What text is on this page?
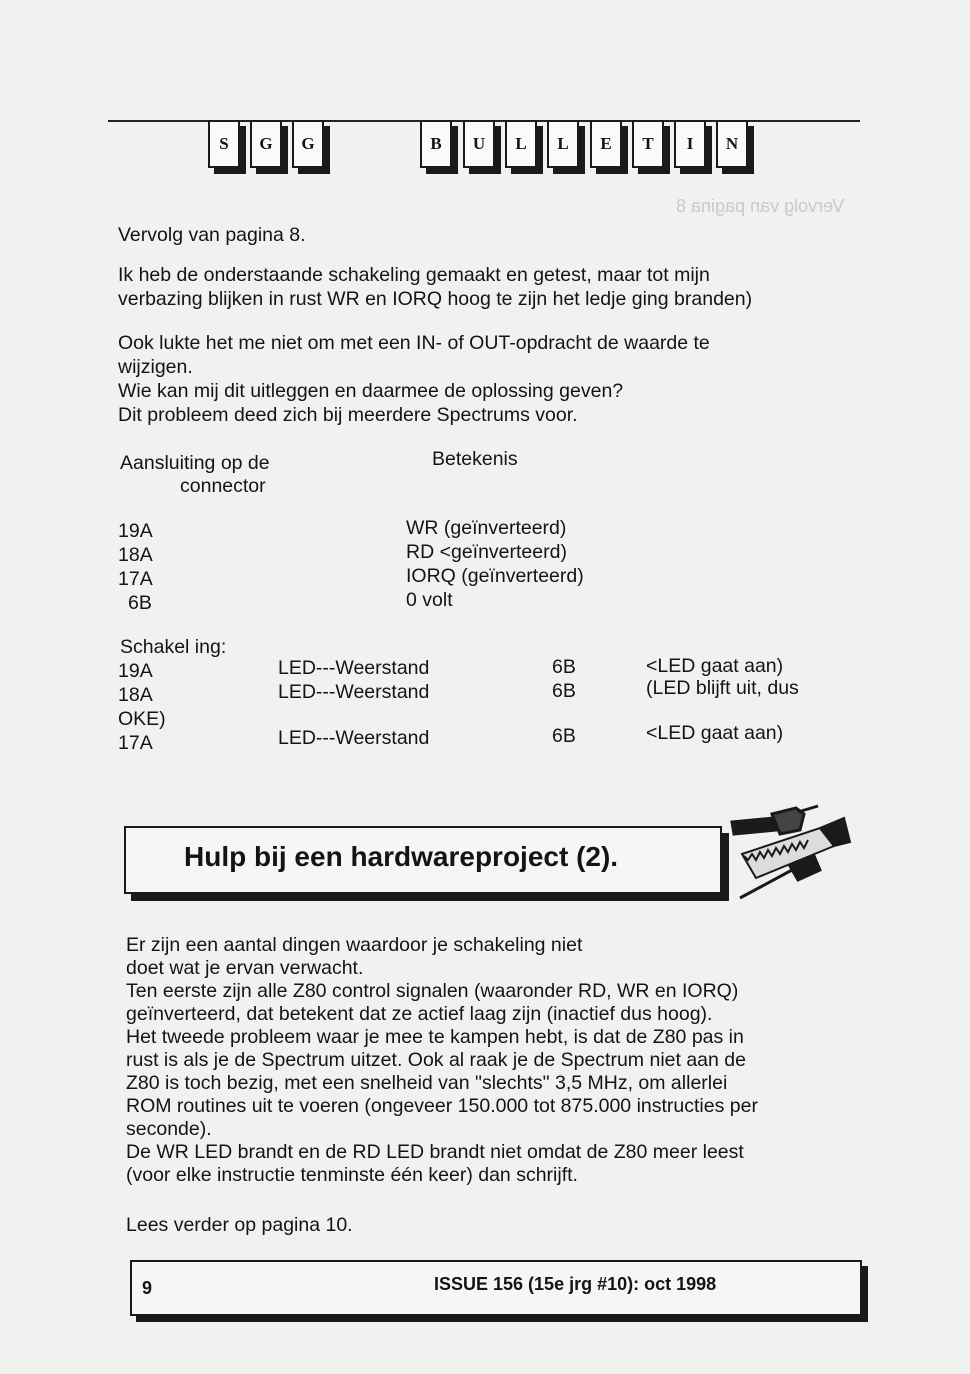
Vervolg van pagina 8
S	G	G	B	U	L	L	E	T	I	N
Vervolg van pagina 8.
Ik heb de onderstaande schakeling gemaakt en getest, maar tot mijn
verbazing blijken in rust WR en IORQ hoog te zijn het ledje ging branden)
Ook lukte het me niet om met een IN- of OUT-opdracht de waarde te
wijzigen.
Wie kan mij dit uitleggen en daarmee de oplossing geven?
Dit probleem deed zich bij meerdere Spectrums voor.
Aansluiting op de
connector
Betekenis
19A	WR (geïnverteerd)
18A	RD <geïnverteerd)
17A	IORQ (geïnverteerd)
6B	0 volt
Schakel ing:
19A	LED---Weerstand	6B	<LED gaat aan)
18A	LED---Weerstand	6B	(LED blijft uit, dus
OKE)
17A	LED---Weerstand	6B	<LED gaat aan)
Hulp bij een hardwareproject (2).
Er zijn een aantal dingen waardoor je schakeling niet
doet wat je ervan verwacht.
Ten eerste zijn alle Z80 control signalen (waaronder RD, WR en IORQ)
geïnverteerd, dat betekent dat ze actief laag zijn (inactief dus hoog).
Het tweede probleem waar je mee te kampen hebt, is dat de Z80 pas in
rust is als je de Spectrum uitzet. Ook al raak je de Spectrum niet aan de
Z80 is toch bezig, met een snelheid van "slechts" 3,5 MHz, om allerlei
ROM routines uit te voeren (ongeveer 150.000 tot 875.000 instructies per
seconde).
De WR LED brandt en de RD LED brandt niet omdat de Z80 meer leest
(voor elke instructie tenminste één keer) dan schrijft.
Lees verder op pagina 10.
9	ISSUE 156 (15e jrg #10): oct 1998
